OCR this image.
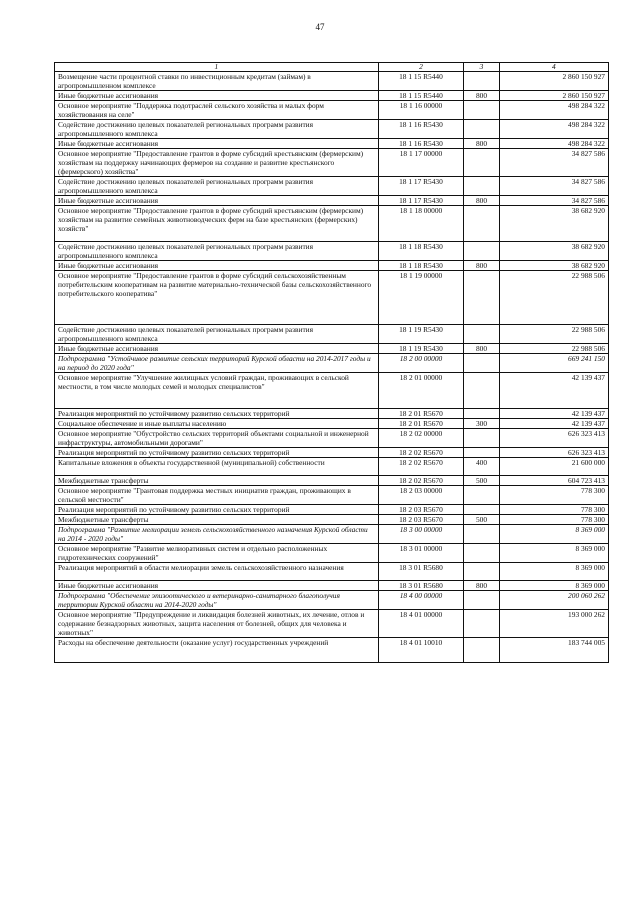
47
1	2	3	4
Возмещение части процентной ставки по инвестиционным кредитам (займам) в агропромышленном комплексе	18 1 15 R5440		2 860 150 927
Иные бюджетные ассигнования	18 1 15 R5440	800	2 860 150 927
Основное мероприятие "Поддержка подотраслей сельского хозяйства и малых форм хозяйствования на селе"	18 1 16 00000		498 284 322
Содействие достижению целевых показателей региональных программ развития агропромышленного комплекса	18 1 16 R5430		498 284 322
Иные бюджетные ассигнования	18 1 16 R5430	800	498 284 322
Основное мероприятие "Предоставление грантов в форме субсидий крестьянским (фермерским) хозяйствам на поддержку начинающих фермеров на создание и развитие крестьянского (фермерского) хозяйства"	18 1 17 00000		34 827 586
Содействие достижению целевых показателей региональных программ развития агропромышленного комплекса	18 1 17 R5430		34 827 586
Иные бюджетные ассигнования	18 1 17 R5430	800	34 827 586
Основное мероприятие "Предоставление грантов в форме субсидий крестьянским (фермерским) хозяйствам на развитие семейных животноводческих ферм на базе крестьянских (фермерских) хозяйств"	18 1 18 00000		38 682 920
Содействие достижению целевых показателей региональных программ развития агропромышленного комплекса	18 1 18 R5430		38 682 920
Иные бюджетные ассигнования	18 1 18 R5430	800	38 682 920
Основное мероприятие "Предоставление грантов в форме субсидий сельскохозяйственным потребительским кооперативам на развитие материально-технической базы сельскохозяйственного потребительского кооператива"	18 1 19 00000		22 988 506
Содействие достижению целевых показателей региональных программ развития агропромышленного комплекса	18 1 19 R5430		22 988 506
Иные бюджетные ассигнования	18 1 19 R5430	800	22 988 506
Подпрограмма "Устойчивое развитие сельских территорий Курской области на 2014-2017 годы и на период до 2020 года"	18 2 00 00000		669 241 150
Основное мероприятие "Улучшение жилищных условий граждан, проживающих в сельской местности, в том числе молодых семей и молодых специалистов"	18 2 01 00000		42 139 437
Реализация мероприятий по устойчивому развитию сельских территорий	18 2 01 R5670		42 139 437
Социальное обеспечение и иные выплаты населению	18 2 01 R5670	300	42 139 437
Основное мероприятие "Обустройство сельских территорий объектами социальной и инженерной инфраструктуры, автомобильными дорогами"	18 2 02 00000		626 323 413
Реализация мероприятий по устойчивому развитию сельских территорий	18 2 02 R5670		626 323 413
Капитальные вложения в объекты государственной (муниципальной) собственности	18 2 02 R5670	400	21 600 000
Межбюджетные трансферты	18 2 02 R5670	500	604 723 413
Основное мероприятие "Грантовая поддержка местных инициатив граждан, проживающих в сельской местности"	18 2 03 00000		778 300
Реализация мероприятий по устойчивому развитию сельских территорий	18 2 03 R5670		778 300
Межбюджетные трансферты	18 2 03 R5670	500	778 300
Подпрограмма "Развитие мелиорации земель сельскохозяйственного назначения Курской области на 2014 - 2020 годы"	18 3 00 00000		8 369 000
Основное мероприятие "Развитие мелиоративных систем и отдельно расположенных гидротехнических сооружений"	18 3 01 00000		8 369 000
Реализация мероприятий в области мелиорации земель сельскохозяйственного назначения	18 3 01 R5680		8 369 000
Иные бюджетные ассигнования	18 3 01 R5680	800	8 369 000
Подпрограмма "Обеспечение эпизоотического и ветеринарно-санитарного благополучия территории Курской области на 2014-2020 годы"	18 4 00 00000		200 060 262
Основное мероприятие "Предупреждение и ликвидация болезней животных, их лечение, отлов и содержание безнадзорных животных, защита населения от болезней, общих для человека и животных"	18 4 01 00000		193 000 262
Расходы на обеспечение деятельности (оказание услуг) государственных учреждений	18 4 01 10010		183 744 005
